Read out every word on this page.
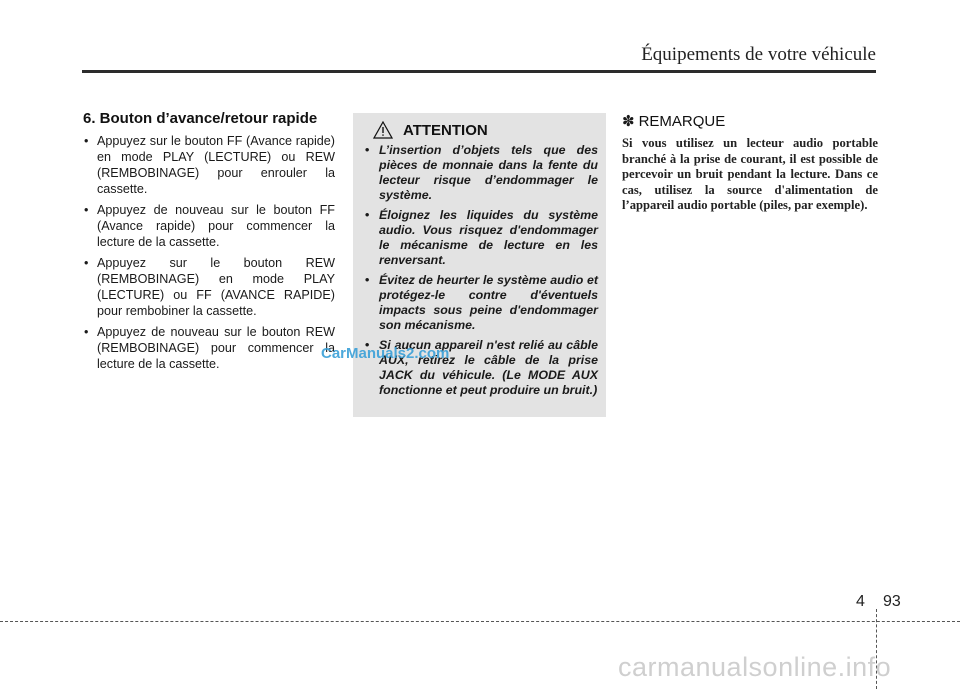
Équipements de votre véhicule

6. Bouton d’avance/retour rapide

• Appuyez sur le bouton FF (Avance rapide) en mode PLAY (LECTURE) ou REW (REMBOBINAGE) pour enrouler la cassette.
• Appuyez de nouveau sur le bouton FF (Avance rapide) pour commencer la lecture de la cassette.
• Appuyez sur le bouton REW (REMBOBINAGE) en mode PLAY (LECTURE) ou FF (AVANCE RAPIDE) pour rembobiner la cassette.
• Appuyez de nouveau sur le bouton REW (REMBOBINAGE) pour commencer la lecture de la cassette.
ATTENTION
• L’insertion d’objets tels que des pièces de monnaie dans la fente du lecteur risque d’endommager le système.
• Éloignez les liquides du système audio. Vous risquez d'endommager le mécanisme de lecture en les renversant.
• Évitez de heurter le système audio et protégez-le contre d'éventuels impacts sous peine d'endommager son mécanisme.
• Si aucun appareil n'est relié au câble AUX, retirez le câble de la prise JACK du véhicule. (Le MODE AUX fonctionne et peut produire un bruit.)
CarManuals2.com
✽ REMARQUE

Si vous utilisez un lecteur audio portable branché à la prise de courant, il est possible de percevoir un bruit pendant la lecture. Dans ce cas, utilisez la source d'alimentation de l’appareil audio portable (piles, par exemple).

4 93
carmanualsonline.info
